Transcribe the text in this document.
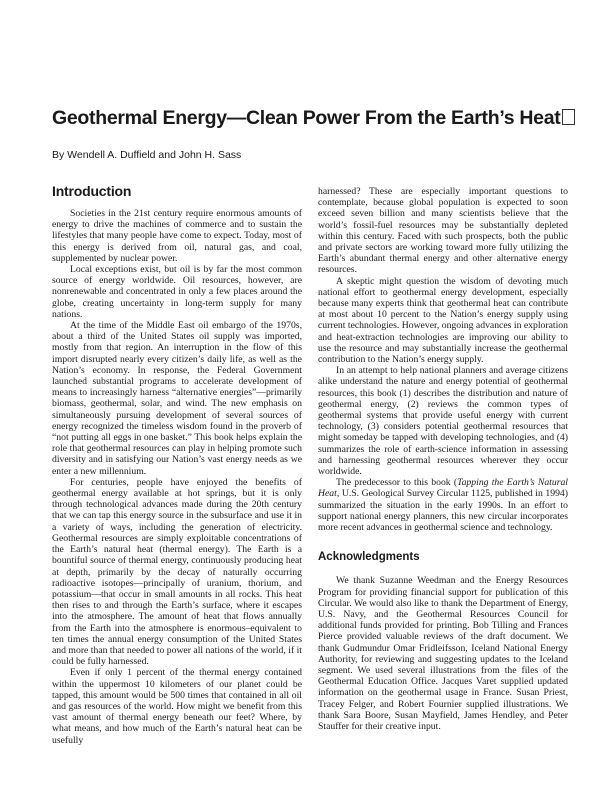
Geothermal Energy—Clean Power From the Earth’s Heat
By Wendell A. Duffield and John H. Sass
Introduction

Societies in the 21st century require enormous amounts of energy to drive the machines of commerce and to sustain the lifestyles that many people have come to expect. Today, most of this energy is derived from oil, natural gas, and coal, supplemented by nuclear power.

Local exceptions exist, but oil is by far the most common source of energy worldwide. Oil resources, however, are nonrenewable and concentrated in only a few places around the globe, creating uncertainty in long-term supply for many nations.

At the time of the Middle East oil embargo of the 1970s, about a third of the United States oil supply was imported, mostly from that region. An interruption in the flow of this import disrupted nearly every citizen’s daily life, as well as the Nation’s economy. In response, the Federal Government launched substantial programs to accelerate development of means to increasingly harness “alternative energies”—primarily biomass, geothermal, solar, and wind. The new emphasis on simultaneously pursuing development of several sources of energy recognized the timeless wisdom found in the proverb of “not putting all eggs in one basket.” This book helps explain the role that geothermal resources can play in helping promote such diversity and in satisfying our Nation’s vast energy needs as we enter a new millennium.

For centuries, people have enjoyed the benefits of geothermal energy available at hot springs, but it is only through technological advances made during the 20th century that we can tap this energy source in the subsurface and use it in a variety of ways, including the generation of electricity. Geothermal resources are simply exploitable concentrations of the Earth’s natural heat (thermal energy). The Earth is a bountiful source of thermal energy, continuously producing heat at depth, primarily by the decay of naturally occurring radioactive isotopes—principally of uranium, thorium, and potassium—that occur in small amounts in all rocks. This heat then rises to and through the Earth’s surface, where it escapes into the atmosphere. The amount of heat that flows annually from the Earth into the atmosphere is enormous–equivalent to ten times the annual energy consumption of the United States and more than that needed to power all nations of the world, if it could be fully harnessed.

Even if only 1 percent of the thermal energy contained within the uppermost 10 kilometers of our planet could be tapped, this amount would be 500 times that contained in all oil and gas resources of the world. How might we benefit from this vast amount of thermal energy beneath our feet? Where, by what means, and how much of the Earth’s natural heat can be usefully

harnessed? These are especially important questions to contemplate, because global population is expected to soon exceed seven billion and many scientists believe that the world’s fossil-fuel resources may be substantially depleted within this century. Faced with such prospects, both the public and private sectors are working toward more fully utilizing the Earth’s abundant thermal energy and other alternative energy resources.

A skeptic might question the wisdom of devoting much national effort to geothermal energy development, especially because many experts think that geothermal heat can contribute at most about 10 percent to the Nation’s energy supply using current technologies. However, ongoing advances in exploration and heat-extraction technologies are improving our ability to use the resource and may substantially increase the geothermal contribution to the Nation’s energy supply.

In an attempt to help national planners and average citizens alike understand the nature and energy potential of geothermal resources, this book (1) describes the distribution and nature of geothermal energy, (2) reviews the common types of geothermal systems that provide useful energy with current technology, (3) considers potential geothermal resources that might someday be tapped with developing technologies, and (4) summarizes the role of earth-science information in assessing and harnessing geothermal resources wherever they occur worldwide.

The predecessor to this book (Tapping the Earth’s Natural Heat, U.S. Geological Survey Circular 1125, published in 1994) summarized the situation in the early 1990s. In an effort to support national energy planners, this new circular incorporates more recent advances in geothermal science and technology.

Acknowledgments

We thank Suzanne Weedman and the Energy Resources Program for providing financial support for publication of this Circular. We would also like to thank the Department of Energy, U.S. Navy, and the Geothermal Resources Council for additional funds provided for printing. Bob Tilling and Frances Pierce provided valuable reviews of the draft document. We thank Gudmundur Omar Fridleifsson, Iceland National Energy Authority, for reviewing and suggesting updates to the Iceland segment. We used several illustrations from the files of the Geothermal Education Office. Jacques Varet supplied updated information on the geothermal usage in France. Susan Priest, Tracey Felger, and Robert Fournier supplied illustrations. We thank Sara Boore, Susan Mayfield, James Hendley, and Peter Stauffer for their creative input.
